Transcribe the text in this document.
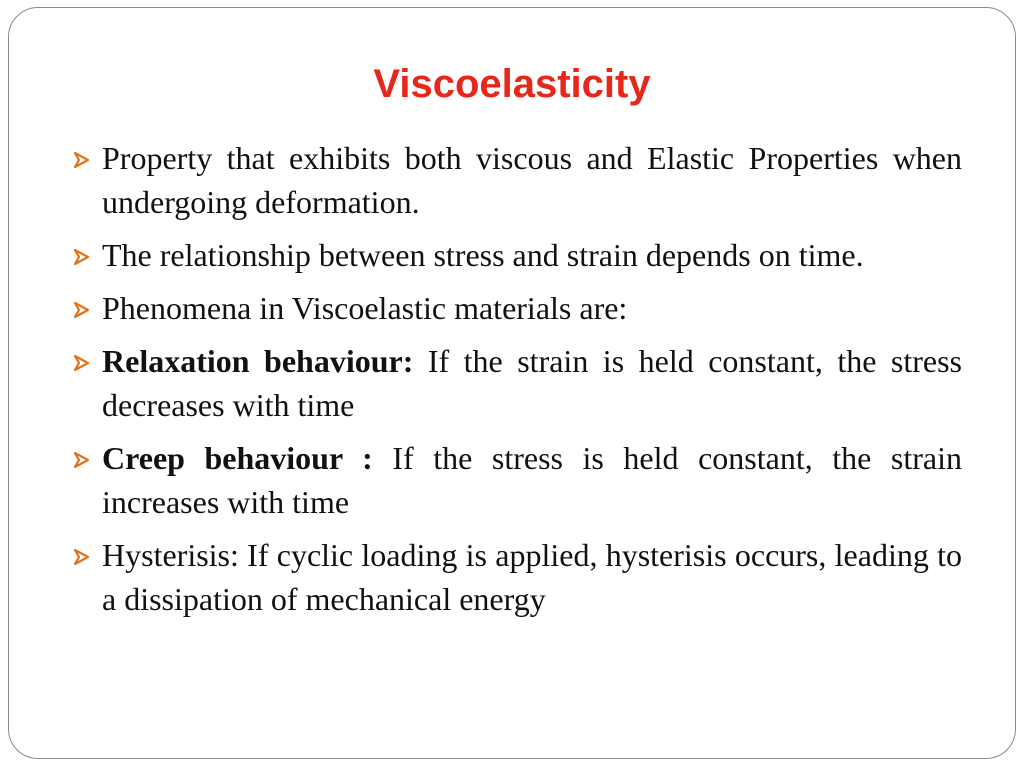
Viscoelasticity
Property that exhibits both viscous and Elastic Properties when undergoing deformation.
The relationship between stress and strain depends on time.
Phenomena in Viscoelastic materials are:
Relaxation behaviour: If the strain is held constant, the stress decreases with time
Creep behaviour : If the stress is held constant, the strain increases with time
Hysterisis: If cyclic loading is applied, hysterisis occurs, leading to a dissipation of mechanical energy
